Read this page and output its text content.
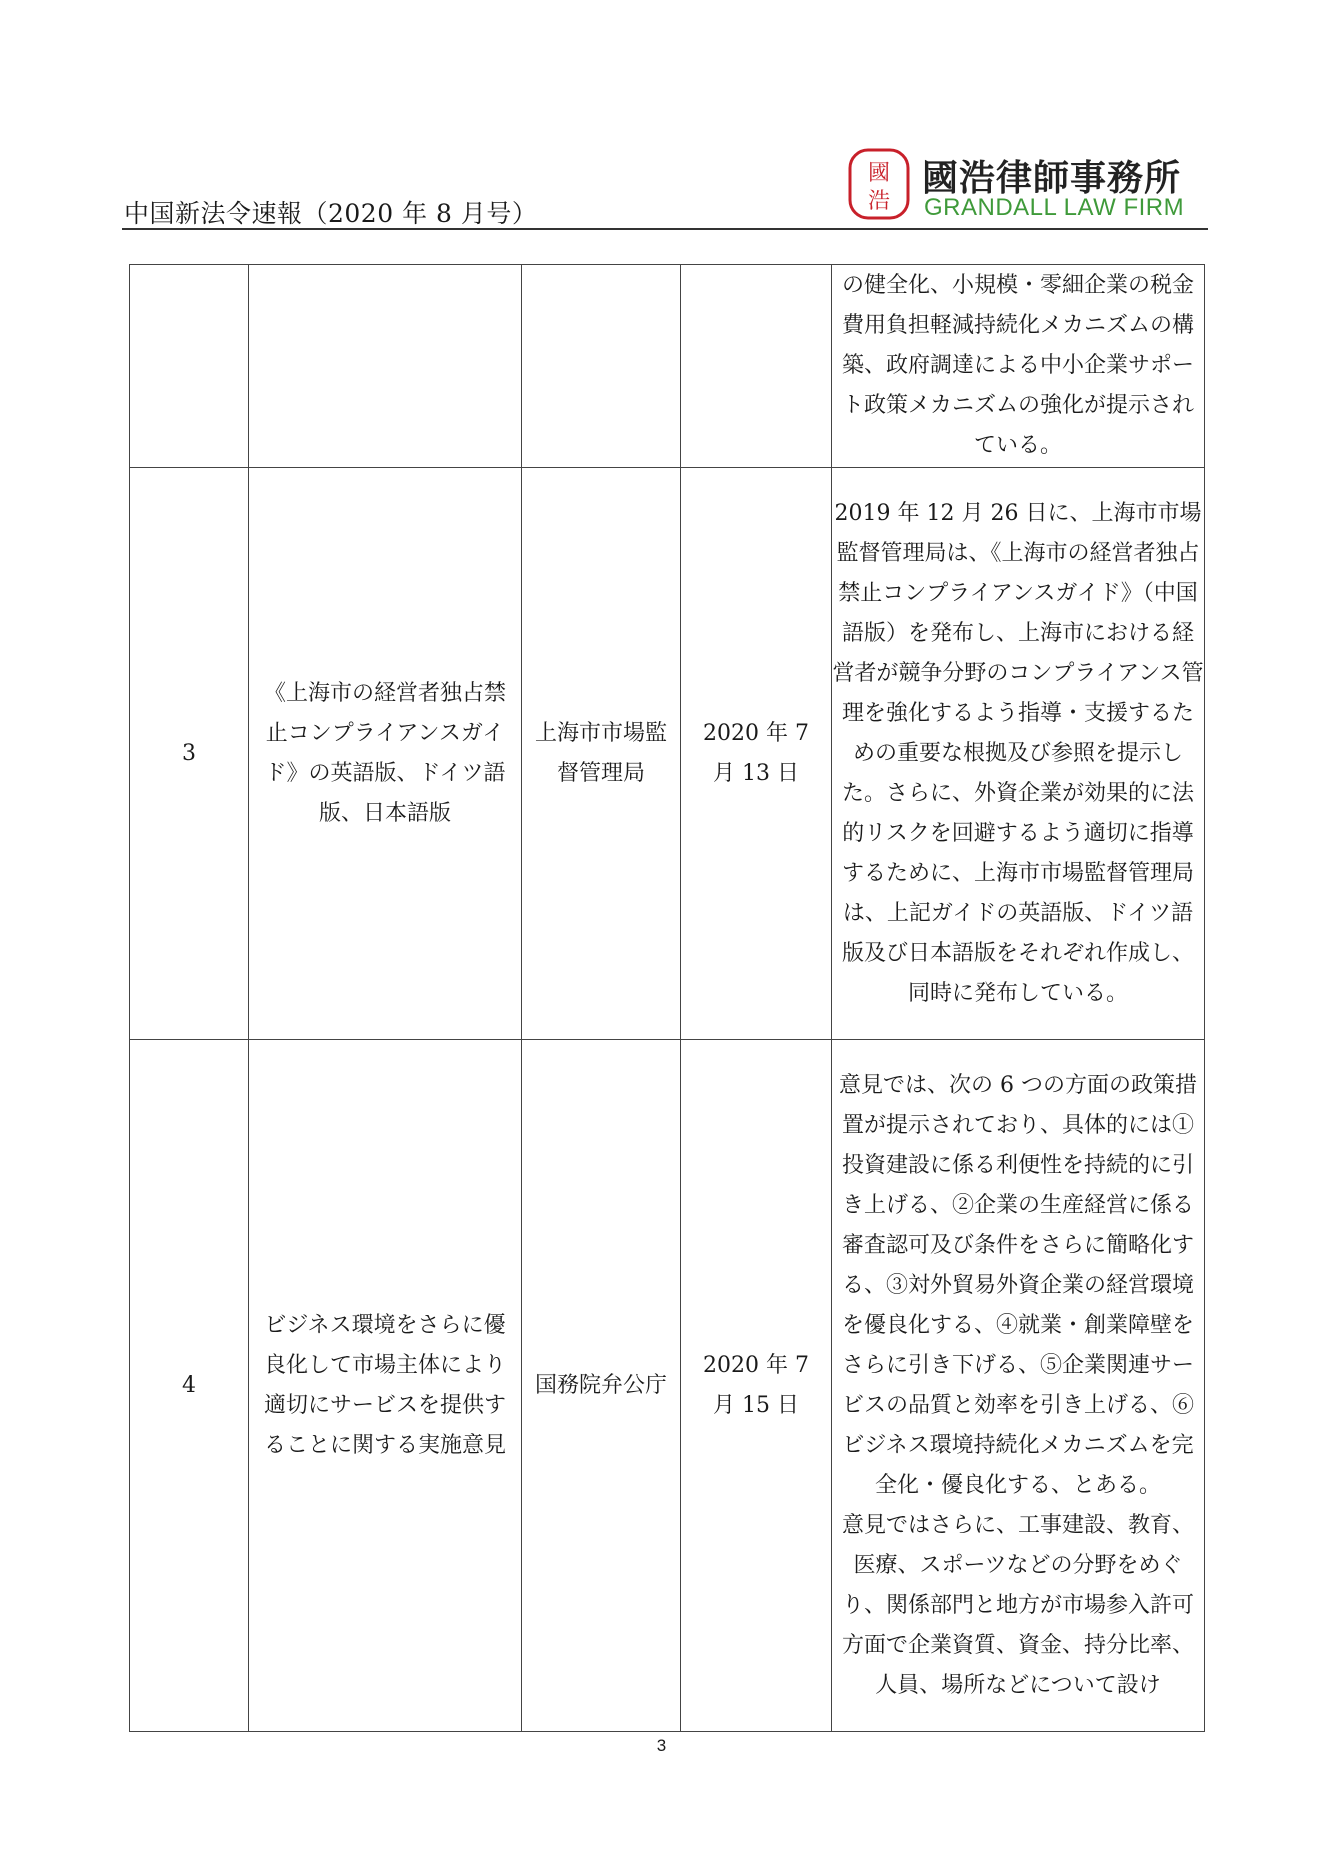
中国新法令速報（2020 年 8 月号）
國
浩
國浩律師事務所
GRANDALL LAW FIRM

				の健全化、小規模・零細企業の税金費用負担軽減持続化メカニズムの構築、政府調達による中小企業サポート政策メカニズムの強化が提示されている。

3	《上海市の経営者独占禁止コンプライアンスガイド》の英語版、ドイツ語版、日本語版	上海市市場監督管理局	2020 年 7 月 13 日	2019 年 12 月 26 日に、上海市市場監督管理局は、《上海市の経営者独占禁止コンプライアンスガイド》（中国語版）を発布し、上海市における経営者が競争分野のコンプライアンス管理を強化するよう指導・支援するための重要な根拠及び参照を提示した。さらに、外資企業が効果的に法的リスクを回避するよう適切に指導するために、上海市市場監督管理局は、上記ガイドの英語版、ドイツ語版及び日本語版をそれぞれ作成し、同時に発布している。

4	ビジネス環境をさらに優良化して市場主体により適切にサービスを提供することに関する実施意見	国務院弁公庁	2020 年 7 月 15 日	意見では、次の 6 つの方面の政策措置が提示されており、具体的には①投資建設に係る利便性を持続的に引き上げる、②企業の生産経営に係る審査認可及び条件をさらに簡略化する、③対外貿易外資企業の経営環境を優良化する、④就業・創業障壁をさらに引き下げる、⑤企業関連サービスの品質と効率を引き上げる、⑥ビジネス環境持続化メカニズムを完全化・優良化する、とある。
意見ではさらに、工事建設、教育、医療、スポーツなどの分野をめぐり、関係部門と地方が市場参入許可方面で企業資質、資金、持分比率、人員、場所などについて設け
3
